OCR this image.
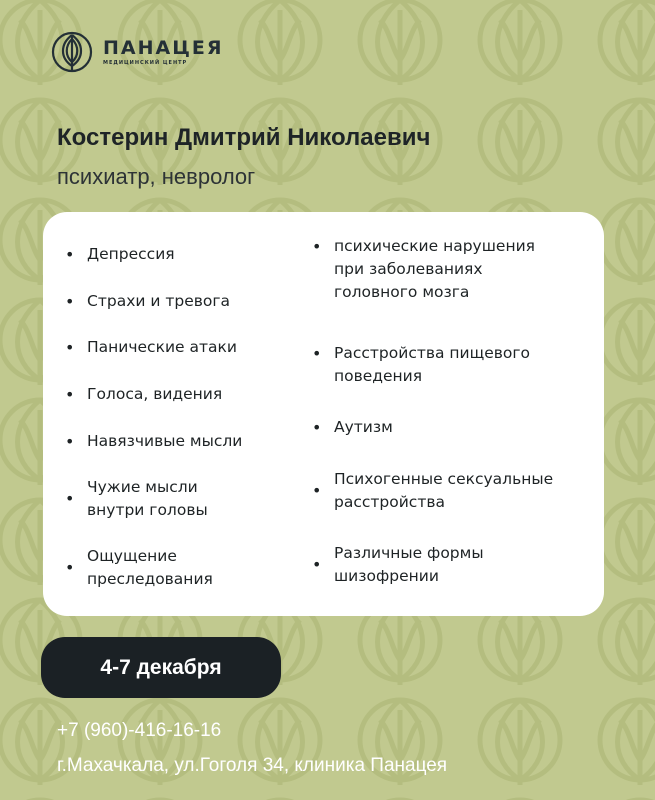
ПАНАЦЕЯ
МЕДИЦИНСКИЙ ЦЕНТР
Костерин Дмитрий Николаевич
психиатр, невролог
• Депрессия
• Страхи и тревога
• Панические атаки
• Голоса, видения
• Навязчивые мысли
•
Чужие мысли
внутри головы
•
Ощущение
преследования
• психические нарушения
при заболеваниях
головного мозга
• Расстройства пищевого
поведения
• Аутизм
•
Психогенные сексуальные
расстройства
•
Различные формы
шизофрении
4-7 декабря
+7 (960)-416-16-16
г.Махачкала, ул.Гоголя 34, клиника Панацея
